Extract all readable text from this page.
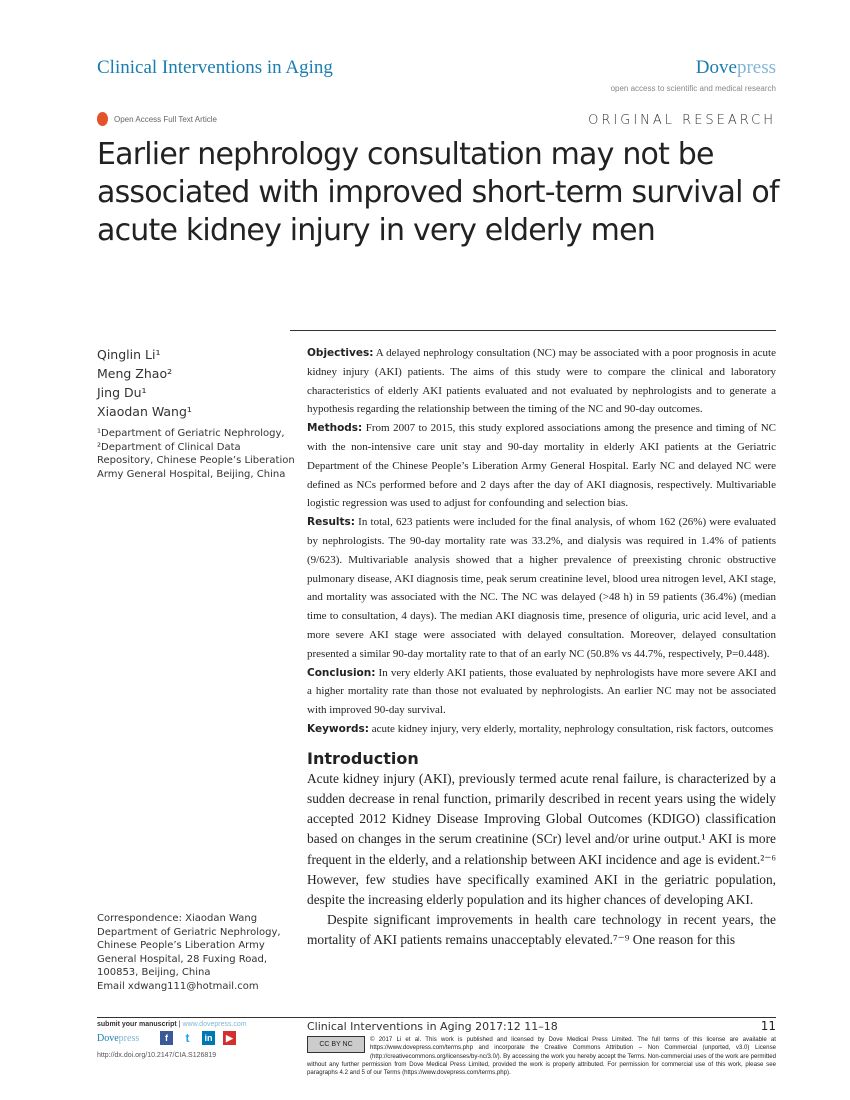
Clinical Interventions in Aging	Dovepress
open access to scientific and medical research
Open Access Full Text Article	ORIGINAL RESEARCH
Earlier nephrology consultation may not be associated with improved short-term survival of acute kidney injury in very elderly men
Qinglin Li¹
Meng Zhao²
Jing Du¹
Xiaodan Wang¹
¹Department of Geriatric Nephrology, ²Department of Clinical Data Repository, Chinese People’s Liberation Army General Hospital, Beijing, China

Objectives: A delayed nephrology consultation (NC) may be associated with a poor prognosis in acute kidney injury (AKI) patients. The aims of this study were to compare the clinical and laboratory characteristics of elderly AKI patients evaluated and not evaluated by nephrologists and to generate a hypothesis regarding the relationship between the timing of the NC and 90-day outcomes.

Methods: From 2007 to 2015, this study explored associations among the presence and timing of NC with the non-intensive care unit stay and 90-day mortality in elderly AKI patients at the Geriatric Department of the Chinese People’s Liberation Army General Hospital. Early NC and delayed NC were defined as NCs performed before and 2 days after the day of AKI diagnosis, respectively. Multivariable logistic regression was used to adjust for confounding and selection bias.

Results: In total, 623 patients were included for the final analysis, of whom 162 (26%) were evaluated by nephrologists. The 90-day mortality rate was 33.2%, and dialysis was required in 1.4% of patients (9/623). Multivariable analysis showed that a higher prevalence of preexisting chronic obstructive pulmonary disease, AKI diagnosis time, peak serum creatinine level, blood urea nitrogen level, AKI stage, and mortality was associated with the NC. The NC was delayed (>48 h) in 59 patients (36.4%) (median time to consultation, 4 days). The median AKI diagnosis time, presence of oliguria, uric acid level, and a more severe AKI stage were associated with delayed consultation. Moreover, delayed consultation presented a similar 90-day mortality rate to that of an early NC (50.8% vs 44.7%, respectively, P=0.448).

Conclusion: In very elderly AKI patients, those evaluated by nephrologists have more severe AKI and a higher mortality rate than those not evaluated by nephrologists. An earlier NC may not be associated with improved 90-day survival.

Keywords: acute kidney injury, very elderly, mortality, nephrology consultation, risk factors, outcomes

Introduction

Acute kidney injury (AKI), previously termed acute renal failure, is characterized by a sudden decrease in renal function, primarily described in recent years using the widely accepted 2012 Kidney Disease Improving Global Outcomes (KDIGO) classification based on changes in the serum creatinine (SCr) level and/or urine output.¹ AKI is more frequent in the elderly, and a relationship between AKI incidence and age is evident.²⁻⁶ However, few studies have specifically examined AKI in the geriatric population, despite the increasing elderly population and its higher chances of developing AKI.

Despite significant improvements in health care technology in recent years, the mortality of AKI patients remains unacceptably elevated.⁷⁻⁹ One reason for this

Correspondence: Xiaodan Wang
Department of Geriatric Nephrology,
Chinese People’s Liberation Army
General Hospital, 28 Fuxing Road,
100853, Beijing, China
Email xdwang111@hotmail.com
submit your manuscript | www.dovepress.com
Dovepress	f	t	in	▶
http://dx.doi.org/10.2147/CIA.S126819
Clinical Interventions in Aging 2017:12 11–18	11
CC BY NC
© 2017 Li et al. This work is published and licensed by Dove Medical Press Limited. The full terms of this license are available at https://www.dovepress.com/terms.php and incorporate the Creative Commons Attribution – Non Commercial (unported, v3.0) License (http://creativecommons.org/licenses/by-nc/3.0/). By accessing the work you hereby accept the Terms. Non-commercial uses of the work are permitted without any further permission from Dove Medical Press Limited, provided the work is properly attributed. For permission for commercial use of this work, please see paragraphs 4.2 and 5 of our Terms (https://www.dovepress.com/terms.php).
